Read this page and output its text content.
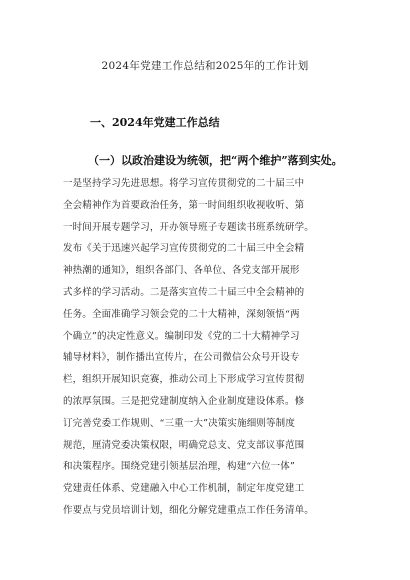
2024年党建工作总结和2025年的工作计划
一、2024年党建工作总结
（一）以政治建设为统领，把“两个维护”落到实处。
一是坚持学习先进思想。将学习宣传贯彻党的二十届三中
全会精神作为首要政治任务，第一时间组织收视收听、第
一时间开展专题学习，开办领导班子专题读书班系统研学。
发布《关于迅速兴起学习宣传贯彻党的二十届三中全会精
神热潮的通知》，组织各部门、各单位、各党支部开展形
式多样的学习活动。二是落实宣传二十届三中全会精神的
任务。全面准确学习领会党的二十大精神，深刻领悟“两
个确立”的决定性意义。编制印发《党的二十大精神学习
辅导材料》，制作播出宣传片，在公司微信公众号开设专
栏，组织开展知识竞赛，推动公司上下形成学习宣传贯彻
的浓厚氛围。三是把党建制度纳入企业制度建设体系。修
订完善党委工作规则、“三重一大”决策实施细则等制度
规范，厘清党委决策权限，明确党总支、党支部议事范围
和决策程序。围绕党建引领基层治理，构建“六位一体”
党建责任体系、党建融入中心工作机制，制定年度党建工
作要点与党员培训计划，细化分解党建重点工作任务清单。
